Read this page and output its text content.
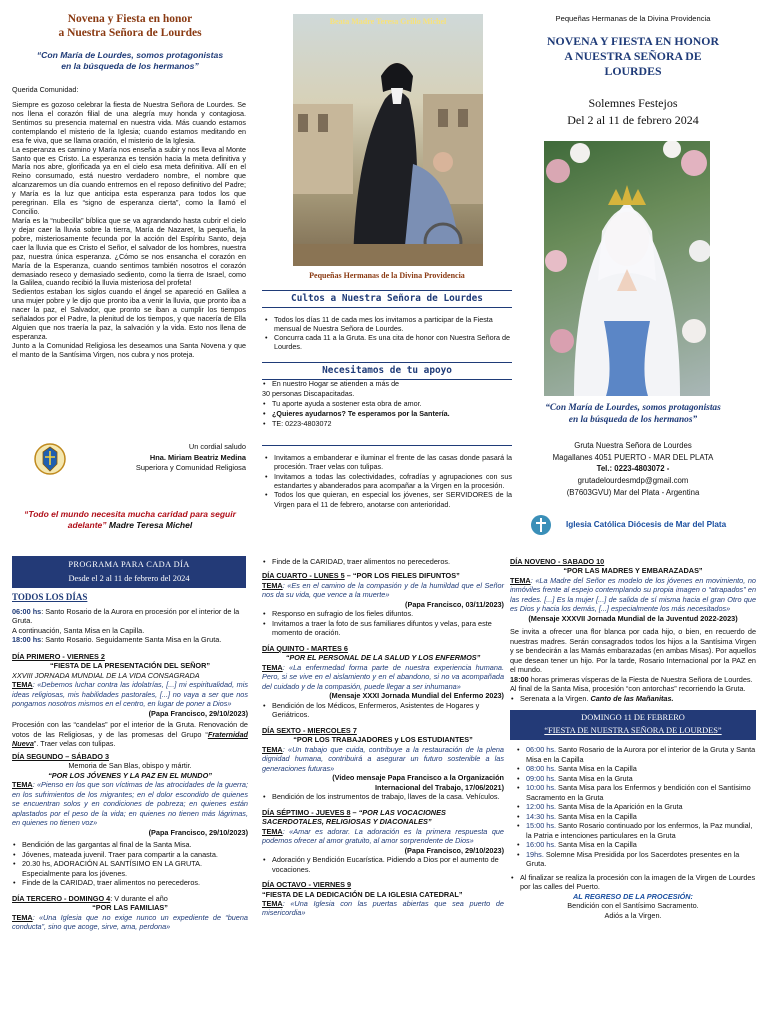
Novena y Fiesta en honor
a Nuestra Señora de Lourdes
“Con María de Lourdes, somos protagonistas
en la búsqueda de los hermanos”
Querida Comunidad:

Siempre es gozoso celebrar la fiesta de Nuestra Señora de Lourdes. Se nos llena el corazón filial de una alegría muy honda y contagiosa. Sentimos su presencia maternal en nuestra vida. Más cuando estamos contemplando el misterio de la Iglesia; cuando estamos meditando en esa fe viva, que se llama oración, el misterio de la Iglesia.

La esperanza es camino y María nos enseña a subir y nos lleva al Monte Santo que es Cristo. La esperanza es tensión hacia la meta definitiva y María nos abre, glorificada ya en el cielo esa meta definitiva. Allí en el Reino consumado, está nuestro verdadero nombre, el nombre que alcanzaremos un día cuando entremos en el reposo definitivo del Padre; y María es la luz que anticipa esta esperanza para todos los que peregrinan. Ella es “signo de esperanza cierta”, como la llamó el Concilio.

María es la “nubecilla” bíblica que se va agrandando hasta cubrir el cielo y dejar caer la lluvia sobre la tierra, María de Nazaret, la pequeña, la pobre, misteriosamente fecunda por la acción del Espíritu Santo, deja caer la lluvia que es Cristo el Señor, el salvador de los hombres, nuestra paz, nuestra única esperanza. ¿Cómo se nos ensancha el corazón en María de la Esperanza, cuando sentimos también nosotros el corazón demasiado reseco y demasiado sediento, como la tierra de Israel, como la Galilea, cuando recibió la lluvia misteriosa del profeta!

Sedientos estaban los siglos cuando el ángel se apareció en Galilea a una mujer pobre y le dijo que pronto iba a venir la lluvia, que pronto iba a nacer la paz, el Salvador, que pronto se iban a cumplir los tiempos señalados por el Padre, la plenitud de los tiempos, y que nacería de Ella Alguien que nos traería la paz, la salvación y la vida. Esto nos llena de esperanza.

Junto a la Comunidad Religiosa les deseamos una Santa Novena y que el manto de la Santísima Virgen, nos cubra y nos proteja.

Un cordial saludo
Hna. Miriam Beatriz Medina
Superiora y Comunidad Religiosa
“Todo el mundo necesita mucha caridad para seguir adelante” Madre Teresa Michel
Beata Madre Teresa Grillo Michel
Pequeñas Hermanas de la Divina Providencia
Cultos a Nuestra Señora de Lourdes
• Todos los días 11 de cada mes los invitamos a participar de la Fiesta mensual de Nuestra Señora de Lourdes.
• Concurra cada 11 a la Gruta. Es una cita de honor con Nuestra Señora de Lourdes.
Necesitamos de tu apoyo
• En nuestro Hogar se atienden a más de
30 personas Discapacitadas.
• Tu aporte ayuda a sostener esta obra de amor.
• ¿Quieres ayudarnos? Te esperamos por la Santería.
• TE: 0223-4803072
• Invitamos a embanderar e iluminar el frente de las casas donde pasará la procesión. Traer velas con tulipas.
• Invitamos a todas las colectividades, cofradías y agrupaciones con sus estandartes y abanderados para acompañar a la Virgen en la procesión.
• Todos los que quieran, en especial los jóvenes, ser SERVIDORES de la Virgen para el 11 de febrero, anotarse con anterioridad.
Pequeñas Hermanas de la Divina Providencia
NOVENA Y FIESTA EN HONOR
A NUESTRA SEÑORA DE
LOURDES
Solemnes Festejos
Del 2 al 11 de febrero 2024
“Con María de Lourdes, somos protagonistas
en la búsqueda de los hermanos”
Gruta Nuestra Señora de Lourdes
Magallanes 4051 PUERTO - MAR DEL PLATA
Tel.: 0223-4803072 -
grutadelourdesmdp@gmail.com
(B7603GVU) Mar del Plata - Argentina
Iglesia Católica Diócesis de Mar del Plata
PROGRAMA PARA CADA DÍA
Desde el 2 al 11 de febrero del 2024
TODOS LOS DÍAS

06:00 hs: Santo Rosario de la Aurora en procesión por el interior de la Gruta.

A continuación, Santa Misa en la Capilla.

18:00 hs: Santo Rosario. Seguidamente Santa Misa en la Gruta.

DÍA PRIMERO - VIERNES 2

“FIESTA DE LA PRESENTACIÓN DEL SEÑOR”

XXVIII JORNADA MUNDIAL DE LA VIDA CONSAGRADA

TEMA: «Debemos luchar contra las idolatrías, [...] mi espiritualidad, mis ideas religiosas, mis habilidades pastorales, [...] no vaya a ser que nos pongamos nosotros mismos en el centro, en lugar de poner a Dios»

(Papa Francisco, 29/10/2023)

Procesión con las “candelas” por el interior de la Gruta. Renovación de votos de las Religiosas, y de las promesas del Grupo “Fraternidad Nueva”. Traer velas con tulipas.

DÍA SEGUNDO – SÁBADO 3

Memoria de San Blas, obispo y mártir.

“POR LOS JÓVENES Y LA PAZ EN EL MUNDO”

TEMA: «Pienso en los que son víctimas de las atrocidades de la guerra; en los sufrimientos de los migrantes; en el dolor escondido de quienes se encuentran solos y en condiciones de pobreza; en quienes están aplastados por el peso de la vida; en quienes no tienen más lágrimas, en quienes no tienen voz»

(Papa Francisco, 29/10/2023)

• Bendición de las gargantas al final de la Santa Misa.
• Jóvenes, mateada juvenil. Traer para compartir a la canasta.
• 20.30 hs, ADORACIÓN AL SANTÍSIMO EN LA GRUTA. Especialmente para los jóvenes.
• Finde de la CARIDAD, traer alimentos no perecederos.

DÍA TERCERO - DOMINGO 4: V durante el año

“POR LAS FAMILIAS”

TEMA: «Una Iglesia que no exige nunco un expediente de “buena conducta”, sino que acoge, sirve, ama, perdona»

• Finde de la CARIDAD, traer alimentos no perecederos.

DÍA CUARTO - LUNES 5 – “POR LOS FIELES DIFUNTOS”

TEMA: «Es en el camino de la compasión y de la humildad que el Señor nos da su vida, que vence a la muerte»

(Papa Francisco, 03/11/2023)

• Responso en sufragio de los fieles difuntos.
• Invitamos a traer la foto de sus familiares difuntos y velas, para este momento de oración.

DÍA QUINTO - MARTES 6

“POR EL PERSONAL DE LA SALUD Y LOS ENFERMOS”

TEMA: «La enfermedad forma parte de nuestra experiencia humana. Pero, si se vive en el aislamiento y en el abandono, si no va acompañada del cuidado y de la compasión, puede llegar a ser inhumana»

(Mensaje XXXI Jornada Mundial del Enfermo 2023)

• Bendición de los Médicos, Enfermeros, Asistentes de Hogares y Geriátricos.

DÍA SEXTO - MIERCOLES 7

“POR LOS TRABAJADORES y LOS ESTUDIANTES”

TEMA: «Un trabajo que cuida, contribuye a la restauración de la plena dignidad humana, contribuirá a asegurar un futuro sostenible a las generaciones futuras»

(Video mensaje Papa Francisco a la Organización

Internacional del Trabajo, 17/06/2021)

• Bendición de los instrumentos de trabajo, llaves de la casa. Vehículos.

DÍA SÉPTIMO - JUEVES 8 – “POR LAS VOCACIONES SACERDOTALES, RELIGIOSAS Y DIACONALES”

TEMA: «Amar es adorar. La adoración es la primera respuesta que podemos ofrecer al amor gratuito, al amor sorprendente de Dios»

(Papa Francisco, 29/10/2023)

• Adoración y Bendición Eucarística. Pidiendo a Dios por el aumento de vocaciones.

DÍA OCTAVO - VIERNES 9

“FIESTA DE LA DEDICACIÓN DE LA IGLESIA CATEDRAL”

TEMA: «Una Iglesia con las puertas abiertas que sea puerto de misericordia»

DÍA NOVENO - SABADO 10

“POR LAS MADRES Y EMBARAZADAS”

TEMA: «La Madre del Señor es modelo de los jóvenes en movimiento, no inmóviles frente al espejo contemplando su propia imagen o “atrapados” en las redes. [...] Es la mujer [...] de salida de sí misma hacia el gran Otro que es Dios y hacia los demás, [...] especialmente los más necesitados»

(Mensaje XXXVII Jornada Mundial de la Juventud 2022-2023)

Se invita a ofrecer una flor blanca por cada hijo, o bien, en recuerdo de nuestras madres. Serán consagrados todos los hijos a la Santísima Virgen y se bendecirán a las Mamás embarazadas (en ambas Misas). Por aquellos que desean tener un hijo. Por la tarde, Rosario Internacional por la PAZ en el mundo.

18:00 horas primeras vísperas de la Fiesta de Nuestra Señora de Lourdes.

Al final de la Santa Misa, procesión “con antorchas” recorriendo la Gruta.

• Serenata a la Virgen. Canto de las Mañanitas.
DOMINGO 11 DE FEBRERO
“FIESTA DE NUESTRA SEÑORA DE LOURDES”
• 06:00 hs. Santo Rosario de la Aurora por el interior de la Gruta y Santa Misa en la Capilla
• 08:00 hs. Santa Misa en la Capilla
• 09:00 hs. Santa Misa en la Gruta
• 10:00 hs. Santa Misa para los Enfermos y bendición con el Santísimo Sacramento en la Gruta
• 12:00 hs. Santa Misa de la Aparición en la Gruta
• 14:30 hs. Santa Misa en la Capilla
• 15:00 hs. Santo Rosario continuado por los enfermos, la Paz mundial, la Patria e intenciones particulares en la Gruta
• 16:00 hs. Santa Misa en la Capilla
• 19hs. Solemne Misa Presidida por los Sacerdotes presentes en la Gruta.
• Al finalizar se realiza la procesión con la imagen de la Virgen de Lourdes por las calles del Puerto.

AL REGRESO DE LA PROCESIÓN:

Bendición con el Santísimo Sacramento.

Adiós a la Virgen.
